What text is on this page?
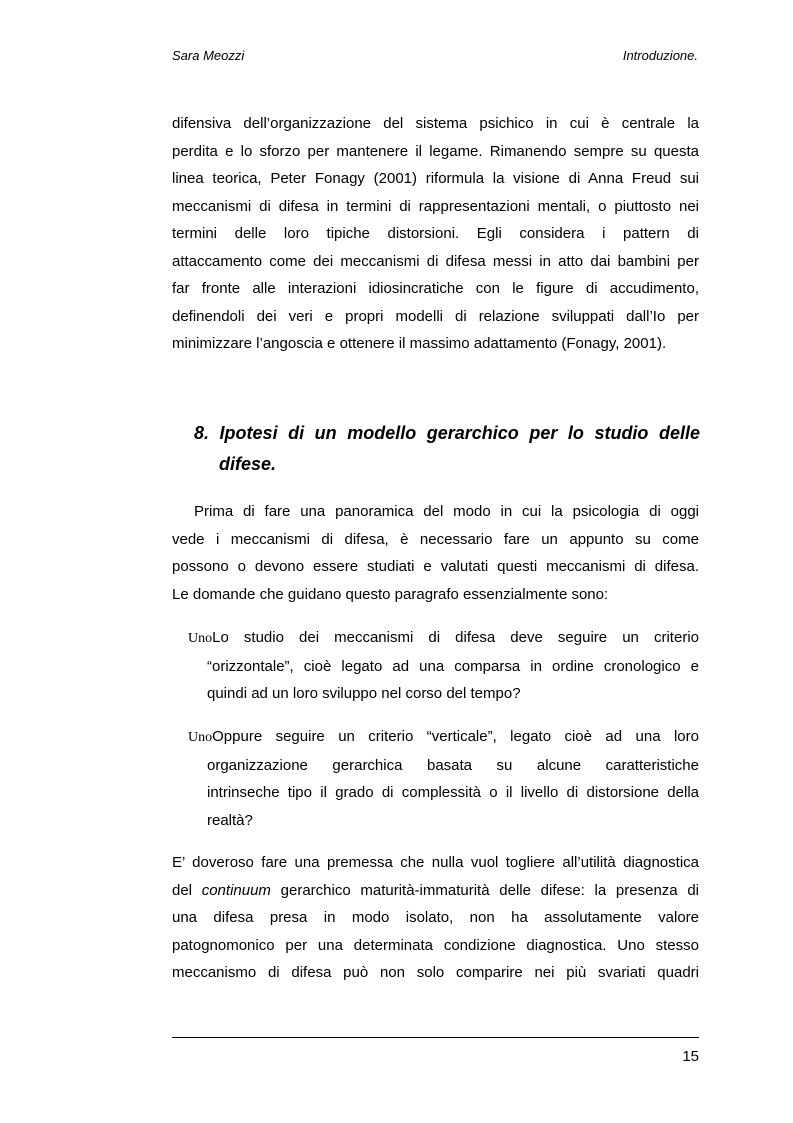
Sara Meozzi	Introduzione.
difensiva dell’organizzazione del sistema psichico in cui è centrale la
perdita e lo sforzo per mantenere il legame. Rimanendo sempre su questa
linea teorica, Peter Fonagy (2001) riformula la visione di Anna Freud sui
meccanismi di difesa in termini di rappresentazioni mentali, o piuttosto nei
termini delle loro tipiche distorsioni. Egli considera i pattern di
attaccamento come dei meccanismi di difesa messi in atto dai bambini per
far fronte alle interazioni idiosincratiche con le figure di accudimento,
definendoli dei veri e propri modelli di relazione sviluppati dall’Io per
minimizzare l’angoscia e ottenere il massimo adattamento (Fonagy, 2001).
8. Ipotesi di un modello gerarchico per lo studio delle
difese.
Prima di fare una panoramica del modo in cui la psicologia di oggi
vede i meccanismi di difesa, è necessario fare un appunto su come
possono o devono essere studiati e valutati questi meccanismi di difesa.
Le domande che guidano questo paragrafo essenzialmente sono:
UnoLo studio dei meccanismi di difesa deve seguire un criterio
“orizzontale”, cioè legato ad una comparsa in ordine cronologico e
quindi ad un loro sviluppo nel corso del tempo?
UnoOppure seguire un criterio “verticale”, legato cioè ad una loro
organizzazione gerarchica basata su alcune caratteristiche
intrinseche tipo il grado di complessità o il livello di distorsione della
realtà?
E’ doveroso fare una premessa che nulla vuol togliere all’utilità diagnostica
del continuum gerarchico maturità-immaturità delle difese: la presenza di
una difesa presa in modo isolato, non ha assolutamente valore
patognomonico per una determinata condizione diagnostica. Uno stesso
meccanismo di difesa può non solo comparire nei più svariati quadri
15
